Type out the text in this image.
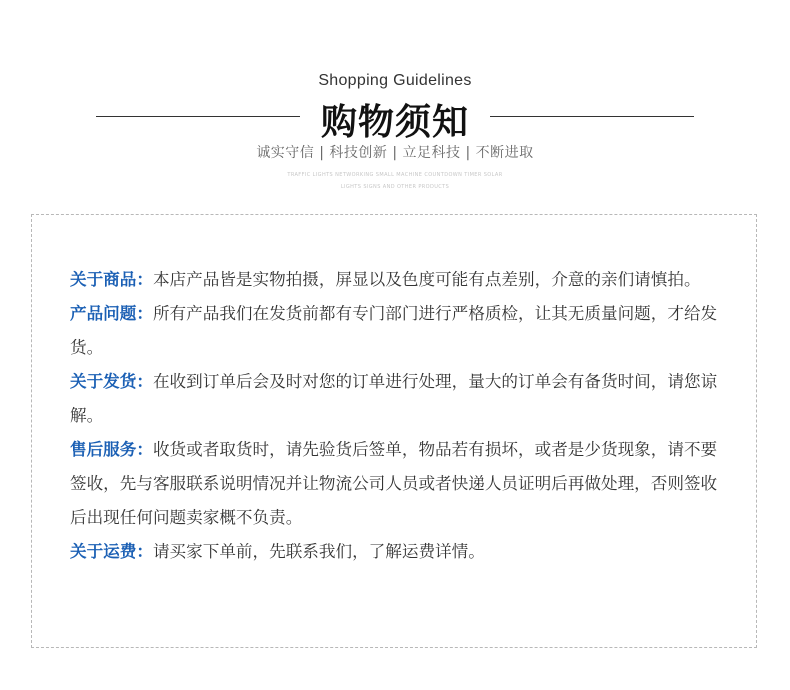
Shopping Guidelines
购物须知
诚实守信 | 科技创新 | 立足科技 | 不断进取
TRAFFIC LIGHTS NETWORKING SMALL MACHINE COUNTDOWN TIMER SOLAR
LIGHTS SIGNS AND OTHER PRODUCTS

关于商品：本店产品皆是实物拍摄，屏显以及色度可能有点差别，介意的亲们请慎拍。

产品问题：所有产品我们在发货前都有专门部门进行严格质检，让其无质量问题，才给发货。

关于发货：在收到订单后会及时对您的订单进行处理，量大的订单会有备货时间，请您谅解。

售后服务：收货或者取货时，请先验货后签单，物品若有损坏，或者是少货现象，请不要签收，先与客服联系说明情况并让物流公司人员或者快递人员证明后再做处理，否则签收后出现任何问题卖家概不负责。

关于运费：请买家下单前，先联系我们，了解运费详情。
